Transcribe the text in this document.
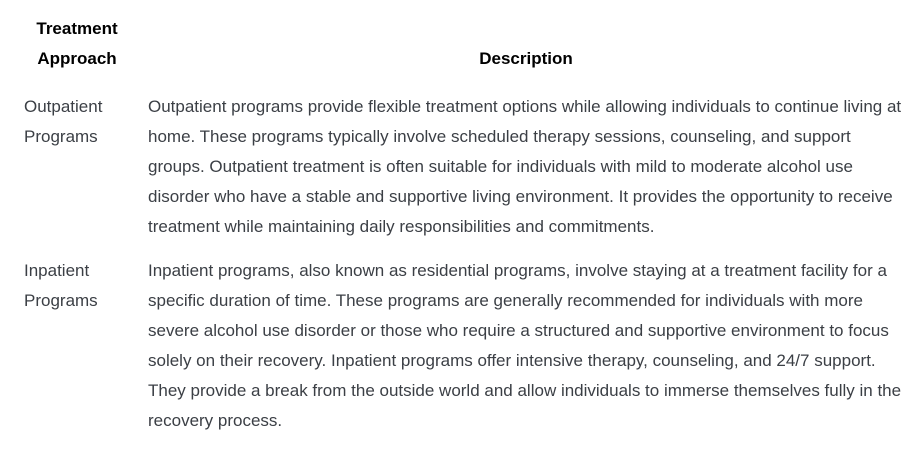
Treatment
Approach	Description
Outpatient
Programs	Outpatient programs provide flexible treatment options while allowing individuals to continue living at home. These programs typically involve scheduled therapy sessions, counseling, and support groups. Outpatient treatment is often suitable for individuals with mild to moderate alcohol use disorder who have a stable and supportive living environment. It provides the opportunity to receive treatment while maintaining daily responsibilities and commitments.
Inpatient
Programs	Inpatient programs, also known as residential programs, involve staying at a treatment facility for a specific duration of time. These programs are generally recommended for individuals with more severe alcohol use disorder or those who require a structured and supportive environment to focus solely on their recovery. Inpatient programs offer intensive therapy, counseling, and 24/7 support. They provide a break from the outside world and allow individuals to immerse themselves fully in the recovery process.
